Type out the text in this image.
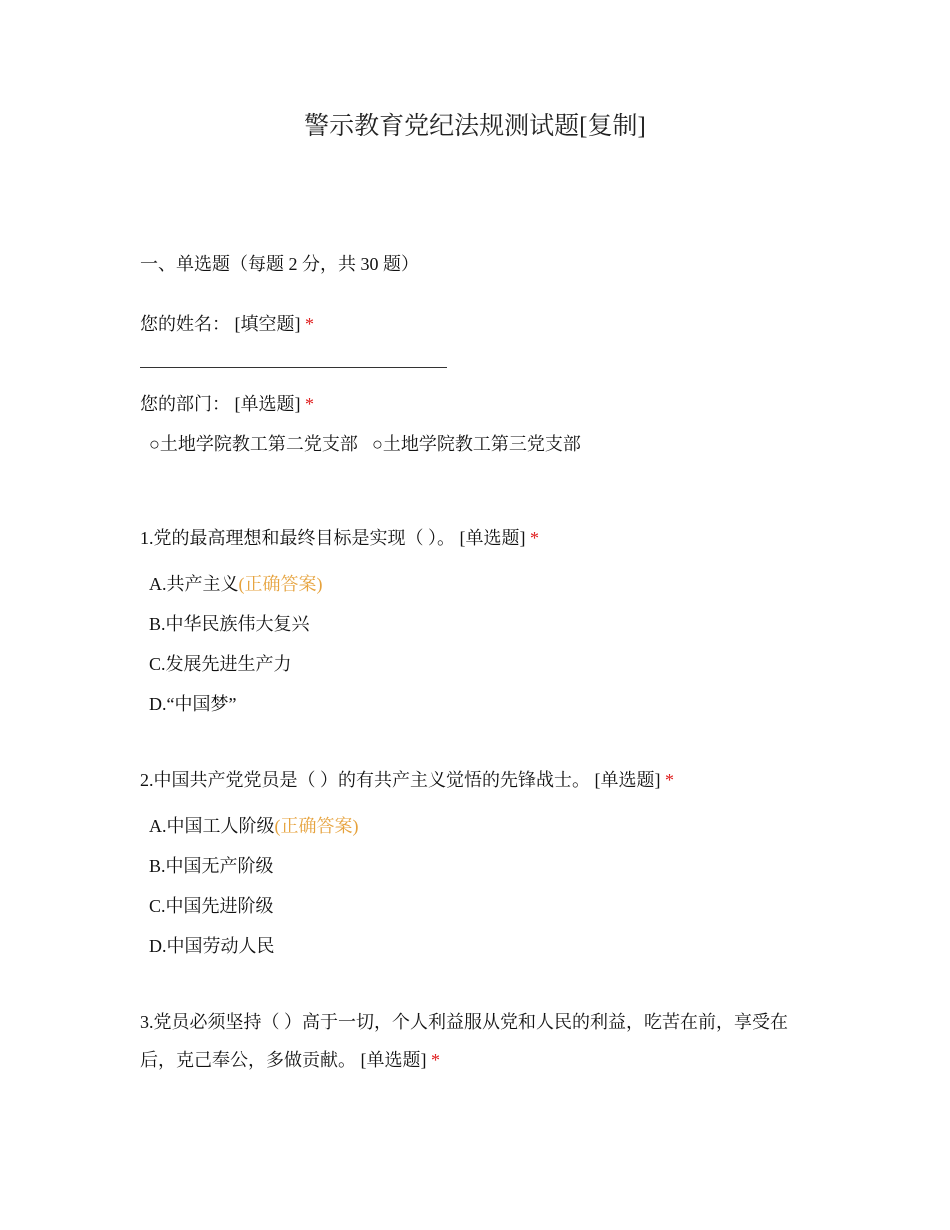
警示教育党纪法规测试题[复制]
一、单选题（每题 2 分，共 30 题）
您的姓名： [填空题] *
您的部门： [单选题] *
○土地学院教工第二党支部 ○土地学院教工第三党支部
1.党的最高理想和最终目标是实现（ ）。 [单选题] *
A.共产主义(正确答案)
B.中华民族伟大复兴
C.发展先进生产力
D.“中国梦”
2.中国共产党党员是（ ）的有共产主义觉悟的先锋战士。 [单选题] *
A.中国工人阶级(正确答案)
B.中国无产阶级
C.中国先进阶级
D.中国劳动人民
3.党员必须坚持（ ）高于一切，个人利益服从党和人民的利益，吃苦在前，享受在后，克己奉公，多做贡献。 [单选题] *
